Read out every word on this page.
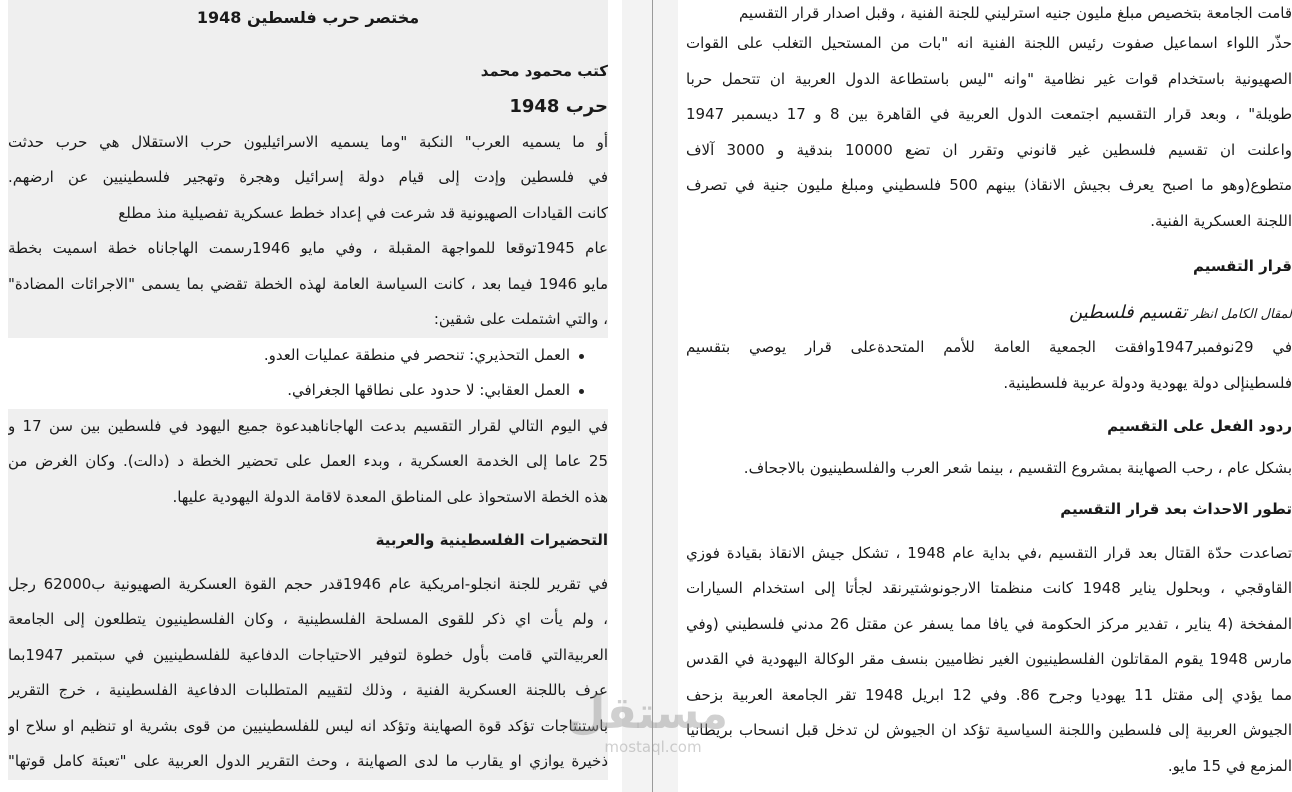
مختصر حرب فلسطين 1948
كتب محمود محمد
حرب 1948
أو ما يسميه العرب" النكبة "وما يسميه الاسرائيليون حرب الاستقلال هي حرب حدثت
في فلسطين وإدت إلى قيام دولة إسرائيل وهجرة وتهجير فلسطينيين عن ارضهم.
كانت القيادات الصهيونية قد شرعت في إعداد خطط عسكرية تفصيلية منذ مطلع
عام 1945توقعا للمواجهة المقبلة ، وفي مايو 1946رسمت الهاجاناه خطة اسميت بخطة
مايو 1946 فيما بعد ، كانت السياسة العامة لهذه الخطة تقضي بما يسمى "الاجرائات المضادة"
، والتي اشتملت على شقين:
العمل التحذيري: تنحصر في منطقة عمليات العدو.
العمل العقابي: لا حدود على نطاقها الجغرافي.
في اليوم التالي لقرار التقسيم بدعت الهاجاناهبدعوة جميع اليهود في فلسطين بين سن 17 و
25 عاما إلى الخدمة العسكرية ، وبدء العمل على تحضير الخطة د (دالت). وكان الغرض من
هذه الخطة الاستحواذ على المناطق المعدة لاقامة الدولة اليهودية عليها.
التحضيرات الفلسطينية والعربية
في تقرير للجنة انجلو-امريكية عام 1946قدر حجم القوة العسكرية الصهيونية ب62000 رجل
، ولم يأت اي ذكر للقوى المسلحة الفلسطينية ، وكان الفلسطينيون يتطلعون إلى الجامعة
العربيةالتي قامت بأول خطوة لتوفير الاحتياجات الدفاعية للفلسطينيين في سبتمبر 1947بما
عرف باللجنة العسكرية الفنية ، وذلك لتقييم المتطلبات الدفاعية الفلسطينية ، خرج التقرير
باستنتاجات تؤكد قوة الصهاينة وتؤكد انه ليس للفلسطينيين من قوى بشرية او تنظيم او سلاح او
ذخيرة يوازي او يقارب ما لدى الصهاينة ، وحث التقرير الدول العربية على "تعبئة كامل قوتها"
قامت الجامعة بتخصيص مبلغ مليون جنيه استرليني للجنة الفنية ، وقبل اصدار قرار التقسيم
حذّر اللواء اسماعيل صفوت رئيس اللجنة الفنية انه "بات من المستحيل التغلب على القوات
الصهيونية باستخدام قوات غير نظامية "وانه "ليس باستطاعة الدول العربية ان تتحمل حربا
طويلة" ، وبعد قرار التقسيم اجتمعت الدول العربية في القاهرة بين 8 و 17 ديسمبر 1947
واعلنت ان تقسيم فلسطين غير قانوني وتقرر ان تضع 10000 بندقية و 3000 آلاف
متطوع(وهو ما اصبح يعرف بجيش الانقاذ) بينهم 500 فلسطيني ومبلغ مليون جنية في تصرف
اللجنة العسكرية الفنية.
قرار التقسيم
لمقال الكامل انظر تقسيم فلسطين
في 29نوفمبر1947وافقت الجمعية العامة للأمم المتحدةعلى قرار يوصي بتقسيم
فلسطينإلى دولة يهودية ودولة عربية فلسطينية.
ردود الفعل على التقسيم
بشكل عام ، رحب الصهاينة بمشروع التقسيم ، بينما شعر العرب والفلسطينيون بالاجحاف.
تطور الاحداث بعد قرار التقسيم
تصاعدت حدّة القتال بعد قرار التقسيم ،في بداية عام 1948 ، تشكل جيش الانقاذ بقيادة فوزي
القاوقجي ، وبحلول يناير 1948 كانت منظمتا الارجونوشتيرنقد لجأتا إلى استخدام السيارات
المفخخة (4 يناير ، تفدير مركز الحكومة في يافا مما يسفر عن مقتل 26 مدني فلسطيني (وفي
مارس 1948 يقوم المقاتلون الفلسطينيون الغير نظاميين بنسف مقر الوكالة اليهودية في القدس
مما يؤدي إلى مقتل 11 يهوديا وجرح 86. وفي 12 ابريل 1948 تقر الجامعة العربية بزحف
الجيوش العربية إلى فلسطين واللجنة السياسية تؤكد ان الجيوش لن تدخل قبل انسحاب بريطانيا
المزمع في 15 مايو.
مستقل
mostaql.com
